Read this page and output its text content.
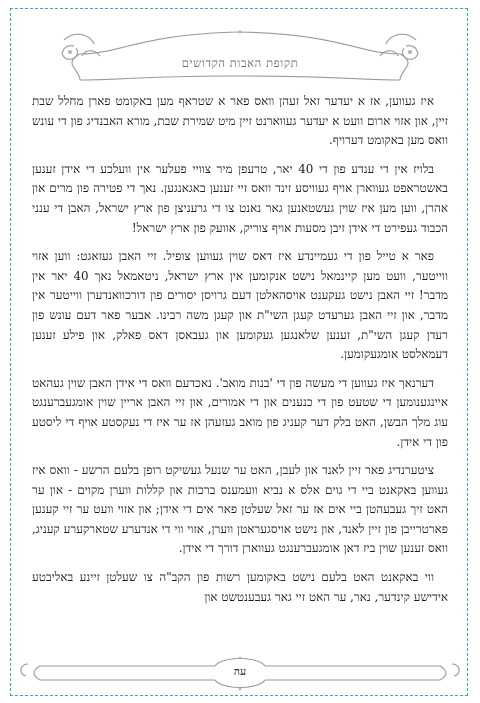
תקופת האבות הקדושים

איז געווען, אז א יעדער זאל זעהן וואס פאר א שטראף מען באקומט פארן מחלל שבת זיין, און אזוי ארום וועט א יעדער געווארנט זיין מיט שמירת שבת, מורא האבנדיג פון די עונש וואס מען באקומט דערויף.

בלויז אין די ענדע פון די 40 יאר, טרעפן מיר צוויי פעלער אין וועלכע די אידן זענען באשטראפט געווארן אויף געוויסע זינד וואס זיי זענען באגאנגען. נאך די פטירה פון מרים און אהרן, ווען מען איז שוין געשטאנען גאר נאנט צו די גרעניצן פון ארץ ישראל, האבן די ענני הכבוד געפירט די אידן זיבן מסעות אויף צוריק, אוועק פון ארץ ישראל!

פאר א טייל פון די געמיינדע איז דאס שוין געווען צופיל. זיי האבן געזאגט: ווען אזוי ווייטער, וועט מען קיינמאל נישט אנקומען אין ארץ ישראל, ניטאמאל נאך 40 יאר אין מדבר! זיי האבן נישט געקענט אויסהאלטן דעם גרויסן יסורים פון דורכוואנדערן ווייטער אין מדבר, און זיי האבן גערעדט קעגן השי"ת און קעגן משה רבינו. אבער פאר דעם עונש פון רעדן קעגן השי"ת, זענען שלאנגען געקומען און געבאסן דאס פאלק, און פילע זענען דעמאלסט אומגעקומען.

דערנאך איז געווען די מעשה פון די 'בנות מואב'. נאכדעם וואס די אידן האבן שוין געהאט איינגענומען די שטעט פון די כנענים און די אמורים, און זיי האבן אריין שוין אומגעברענגט עוג מלך הבשן, האט בלק דער קעניג פון מואב געזעהן אז ער איז די נעקסטע אויף די ליסטע פון די אידן.

ציטערנדיג פאר זיין לאנד און לעבן, האט ער שנעל געשיקט רופן בלעם הרשע - וואס איז געווען באקאנט ביי די גוים אלס א נביא וועמענס ברכות און קללות ווערן מקוים - און ער האט זיך געבעהטן ביי אים אז ער זאל שעלטן פאר אים די אידן; און אזוי וועט ער זיי קענען פארטרייבן פון זיין לאנד, און נישט אויסגעראטן ווערן, אזוי ווי די אנדערע שטארקערע קעניג, וואס זענען שוין ביז דאן אומגעברענגט געווארן דורך די אידן.

ווי באקאנט האט בלעם נישט באקומען רשות פון הקב"ה צו שעלטן זיינע באליבטע אידישע קינדער, נאר, ער האט זיי גאר געבענטשט און

עה
